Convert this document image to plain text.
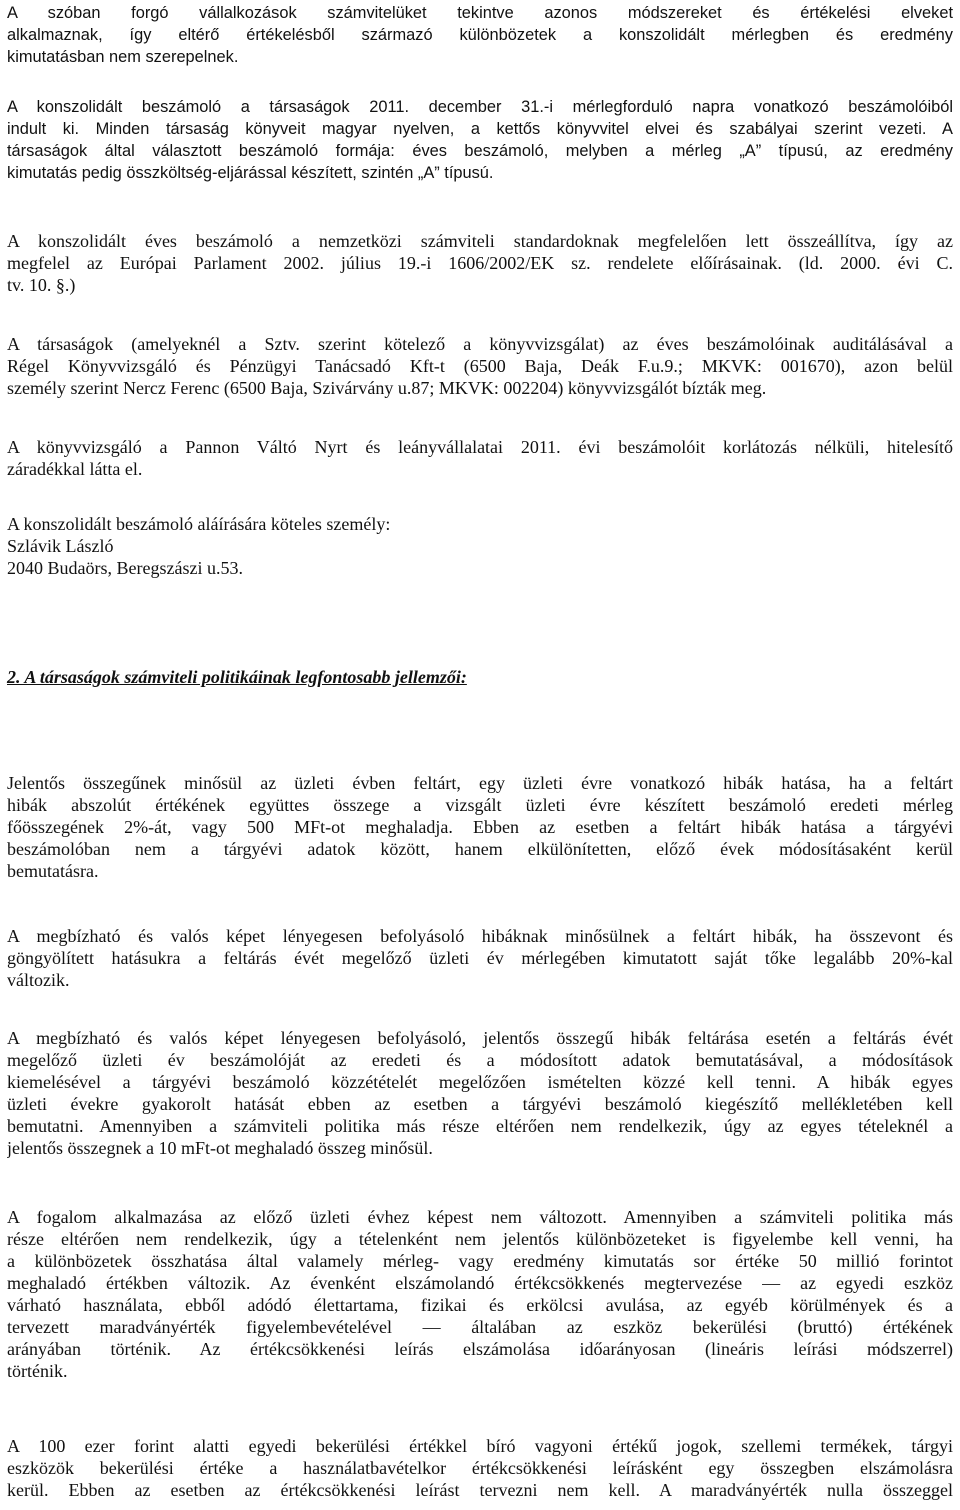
A szóban forgó vállalkozások számvitelüket tekintve azonos módszereket és értékelési elveket
alkalmaznak, így eltérő értékelésből származó különbözetek a konszolidált mérlegben és eredmény
kimutatásban nem szerepelnek.
A konszolidált beszámoló a társaságok 2011. december 31.-i mérlegforduló napra vonatkozó beszámolóiból
indult ki. Minden társaság könyveit magyar nyelven, a kettős könyvvitel elvei és szabályai szerint vezeti. A
társaságok által választott beszámoló formája: éves beszámoló, melyben a mérleg „A” típusú, az eredmény
kimutatás pedig összköltség-eljárással készített, szintén „A” típusú.
A konszolidált éves beszámoló a nemzetközi számviteli standardoknak megfelelően lett összeállítva, így az
megfelel az Európai Parlament 2002. július 19.-i 1606/2002/EK sz. rendelete előírásainak. (ld. 2000. évi C.
tv. 10. §.)
A társaságok (amelyeknél a Sztv. szerint kötelező a könyvvizsgálat) az éves beszámolóinak auditálásával a
Régel Könyvvizsgáló és Pénzügyi Tanácsadó Kft-t (6500 Baja, Deák F.u.9.; MKVK: 001670), azon belül
személy szerint Nercz Ferenc (6500 Baja, Szivárvány u.87; MKVK: 002204) könyvvizsgálót bízták meg.
A könyvvizsgáló a Pannon Váltó Nyrt és leányvállalatai 2011. évi beszámolóit korlátozás nélküli, hitelesítő
záradékkal látta el.
A konszolidált beszámoló aláírására köteles személy:
Szlávik László
2040 Budaörs, Beregszászi u.53.
2. A társaságok számviteli politikáinak legfontosabb jellemzői:
Jelentős összegűnek minősül az üzleti évben feltárt, egy üzleti évre vonatkozó hibák hatása, ha a feltárt
hibák abszolút értékének együttes összege a vizsgált üzleti évre készített beszámoló eredeti mérleg
főösszegének 2%-át, vagy 500 MFt-ot meghaladja. Ebben az esetben a feltárt hibák hatása a tárgyévi
beszámolóban nem a tárgyévi adatok között, hanem elkülönítetten, előző évek módosításaként kerül
bemutatásra.
A megbízható és valós képet lényegesen befolyásoló hibáknak minősülnek a feltárt hibák, ha összevont és
göngyölített hatásukra a feltárás évét megelőző üzleti év mérlegében kimutatott saját tőke legalább 20%-kal
változik.
A megbízható és valós képet lényegesen befolyásoló, jelentős összegű hibák feltárása esetén a feltárás évét
megelőző üzleti év beszámolóját az eredeti és a módosított adatok bemutatásával, a módosítások
kiemelésével a tárgyévi beszámoló közzétételét megelőzően ismételten közzé kell tenni. A hibák egyes
üzleti évekre gyakorolt hatását ebben az esetben a tárgyévi beszámoló kiegészítő mellékletében kell
bemutatni. Amennyiben a számviteli politika más része eltérően nem rendelkezik, úgy az egyes tételeknél a
jelentős összegnek a 10 mFt-ot meghaladó összeg minősül.
A fogalom alkalmazása az előző üzleti évhez képest nem változott. Amennyiben a számviteli politika más
része eltérően nem rendelkezik, úgy a tételenként nem jelentős különbözeteket is figyelembe kell venni, ha
a különbözetek összhatása által valamely mérleg- vagy eredmény kimutatás sor értéke 50 millió forintot
meghaladó értékben változik. Az évenként elszámolandó értékcsökkenés megtervezése — az egyedi eszköz
várható használata, ebből adódó élettartama, fizikai és erkölcsi avulása, az egyéb körülmények és a
tervezett maradványérték figyelembevételével — általában az eszköz bekerülési (bruttó) értékének
arányában történik. Az értékcsökkenési leírás elszámolása időarányosan (lineáris leírási módszerrel)
történik.
A 100 ezer forint alatti egyedi bekerülési értékkel bíró vagyoni értékű jogok, szellemi termékek, tárgyi
eszközök bekerülési értéke a használatbavételkor értékcsökkenési leírásként egy összegben elszámolásra
kerül. Ebben az esetben az értékcsökkenési leírást tervezni nem kell. A maradványérték nulla összeggel
